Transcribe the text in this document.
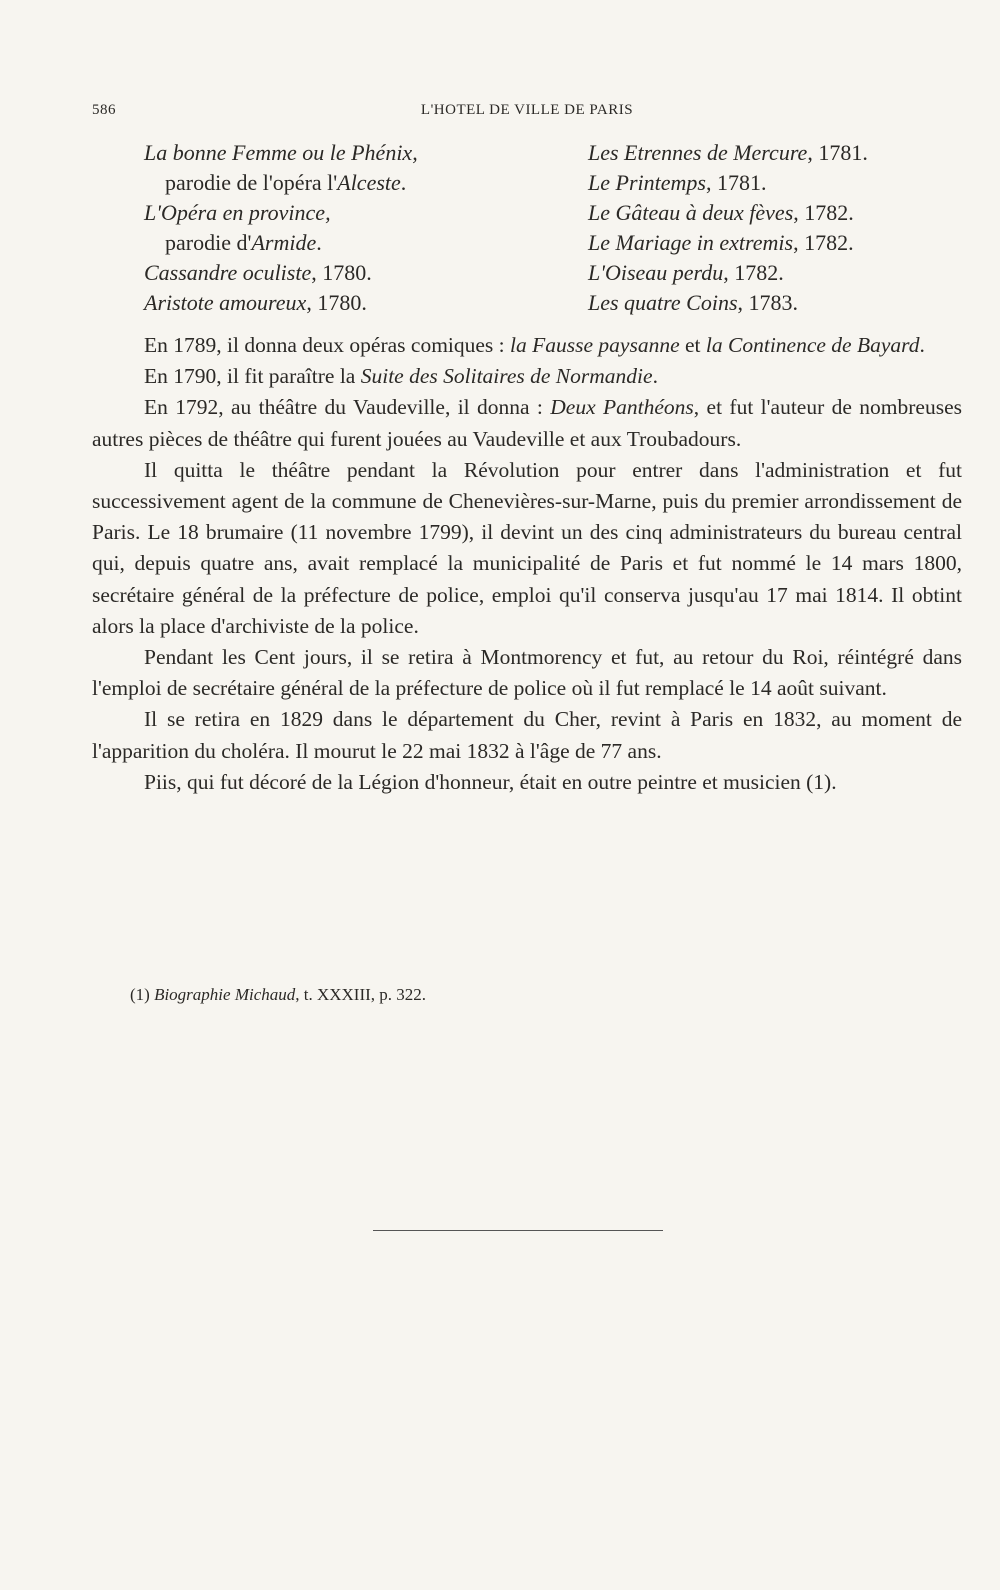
586	L'HOTEL DE VILLE DE PARIS
La bonne Femme ou le Phénix,	Les Etrennes de Mercure, 1781.
parodie de l'opéra l'Alceste.	Le Printemps, 1781.
L'Opéra en province,	Le Gâteau à deux fèves, 1782.
parodie d'Armide.	Le Mariage in extremis, 1782.
Cassandre oculiste, 1780.	L'Oiseau perdu, 1782.
Aristote amoureux, 1780.	Les quatre Coins, 1783.

En 1789, il donna deux opéras comiques : la Fausse paysanne et la Continence de Bayard.

En 1790, il fit paraître la Suite des Solitaires de Normandie.

En 1792, au théâtre du Vaudeville, il donna : Deux Panthéons, et fut l'auteur de nombreuses autres pièces de théâtre qui furent jouées au Vaudeville et aux Troubadours.

Il quitta le théâtre pendant la Révolution pour entrer dans l'administration et fut successivement agent de la commune de Chenevières-sur-Marne, puis du premier arrondissement de Paris. Le 18 brumaire (11 novembre 1799), il devint un des cinq administrateurs du bureau central qui, depuis quatre ans, avait remplacé la municipalité de Paris et fut nommé le 14 mars 1800, secrétaire général de la préfecture de police, emploi qu'il conserva jusqu'au 17 mai 1814. Il obtint alors la place d'archiviste de la police.

Pendant les Cent jours, il se retira à Montmorency et fut, au retour du Roi, réintégré dans l'emploi de secrétaire général de la préfecture de police où il fut remplacé le 14 août suivant.

Il se retira en 1829 dans le département du Cher, revint à Paris en 1832, au moment de l'apparition du choléra. Il mourut le 22 mai 1832 à l'âge de 77 ans.

Piis, qui fut décoré de la Légion d'honneur, était en outre peintre et musicien (1).

(1) Biographie Michaud, t. XXXIII, p. 322.
